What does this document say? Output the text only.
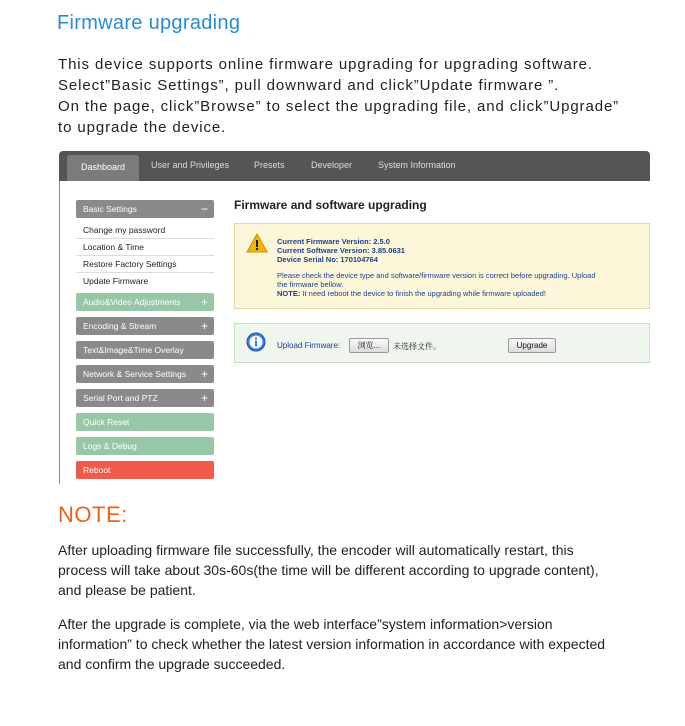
Firmware upgrading

This device supports online firmware upgrading for upgrading software.

Select”Basic Settings”, pull downward and click”Update firmware ”.

On the page, click”Browse” to select the upgrading file, and click”Upgrade”

to upgrade the device.

Dashboard	User and Privileges	Presets	Developer	System Information
Basic Settings	−
Change my password
Location & Time
Restore Factory Settings
Update Firmware
Audio&Video Adjustments +
Encoding & Stream	+
Text&Image&Time Overlay
Network & Service Settings +
Serial Port and PTZ	+
Quick Reset
Logs & Debug
Reboot
Firmware and software upgrading
Current Firmware Version: 2.5.0
Current Software Version: 3.85.0631
Device Serial No: 170104764
Please check the device type and software/firmware version is correct before upgrading. Upload
the firmware bellow.
NOTE: It need reboot the device to finish the upgrading while firmware uploaded!
Upload Firmware:	浏览...	未选择文件。	Upgrade
NOTE:

After uploading firmware file successfully, the encoder will automatically restart, this

process will take about 30s-60s(the time will be different according to upgrade content),

and please be patient.

After the upgrade is complete, via the web interface”system information>version

information” to check whether the latest version information in accordance with expected

and confirm the upgrade succeeded.
